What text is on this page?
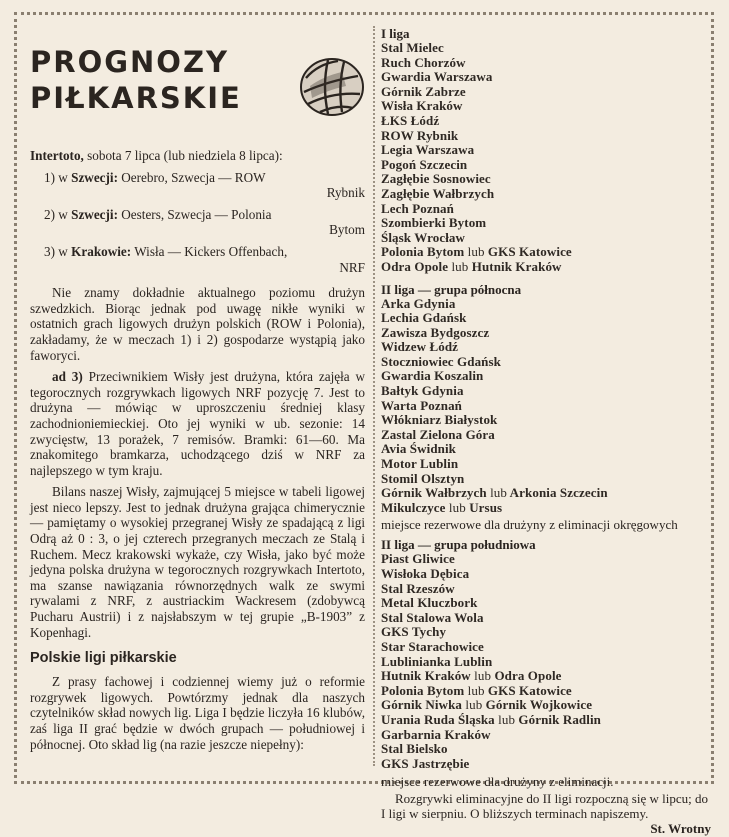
PROGNOZY
PIŁKARSKIE

Intertoto, sobota 7 lipca (lub niedziela 8 lipca):

1) w Szwecji: Oerebro, Szwecja — ROW

Rybnik

2) w Szwecji: Oesters, Szwecja — Polonia

Bytom

3) w Krakowie: Wisła — Kickers Offenbach,

NRF

Nie znamy dokładnie aktualnego poziomu drużyn szwedzkich. Biorąc jednak pod uwagę nikłe wyniki w ostatnich grach ligowych drużyn polskich (ROW i Polonia), zakładamy, że w meczach 1) i 2) gospodarze wystąpią jako faworyci.

ad 3) Przeciwnikiem Wisły jest drużyna, która zajęła w tegorocznych rozgrywkach ligowych NRF pozycję 7. Jest to drużyna — mówiąc w uproszczeniu średniej klasy zachodnioniemieckiej. Oto jej wyniki w ub. sezonie: 14 zwycięstw, 13 porażek, 7 remisów. Bramki: 61—60. Ma znakomitego bramkarza, uchodzącego dziś w NRF za najlepszego w tym kraju.

Bilans naszej Wisły, zajmującej 5 miejsce w tabeli ligowej jest nieco lepszy. Jest to jednak drużyna grająca chimerycznie — pamiętamy o wysokiej przegranej Wisły ze spadającą z ligi Odrą aż 0 : 3, o jej czterech przegranych meczach ze Stalą i Ruchem. Mecz krakowski wykaże, czy Wisła, jako być może jedyna polska drużyna w tegorocznych rozgrywkach Intertoto, ma szanse nawiązania równorzędnych walk ze swymi rywalami z NRF, z austriackim Wackresem (zdobywcą Pucharu Austrii) i z najsłabszym w tej grupie „B-1903” z Kopenhagi.

Polskie ligi piłkarskie

Z prasy fachowej i codziennej wiemy już o reformie rozgrywek ligowych. Powtórzmy jednak dla naszych czytelników skład nowych lig. Liga I będzie liczyła 16 klubów, zaś liga II grać będzie w dwóch grupach — południowej i północnej. Oto skład lig (na razie jeszcze niepełny):

I liga
Stal Mielec
Ruch Chorzów
Gwardia Warszawa
Górnik Zabrze
Wisła Kraków
ŁKS Łódź
ROW Rybnik
Legia Warszawa
Pogoń Szczecin
Zagłębie Sosnowiec
Zagłębie Wałbrzych
Lech Poznań
Szombierki Bytom
Śląsk Wrocław
Polonia Bytom lub GKS Katowice
Odra Opole lub Hutnik Kraków
II liga — grupa północna
Arka Gdynia
Lechia Gdańsk
Zawisza Bydgoszcz
Widzew Łódź
Stoczniowiec Gdańsk
Gwardia Koszalin
Bałtyk Gdynia
Warta Poznań
Włókniarz Białystok
Zastal Zielona Góra
Avia Świdnik
Motor Lublin
Stomil Olsztyn
Górnik Wałbrzych lub Arkonia Szczecin
Mikulczyce lub Ursus

miejsce rezerwowe dla drużyny z eliminacji okręgowych

II liga — grupa południowa
Piast Gliwice
Wisłoka Dębica
Stal Rzeszów
Metal Kluczbork
Stal Stalowa Wola
GKS Tychy
Star Starachowice
Lublinianka Lublin
Hutnik Kraków lub Odra Opole
Polonia Bytom lub GKS Katowice
Górnik Niwka lub Górnik Wojkowice
Urania Ruda Śląska lub Górnik Radlin
Garbarnia Kraków
Stal Bielsko
GKS Jastrzębie

miejsce rezerwowe dla drużyny z eliminacji.

Rozgrywki eliminacyjne do II ligi rozpoczną się w lipcu; do I ligi w sierpniu. O bliższych terminach napiszemy.

St. Wrotny
